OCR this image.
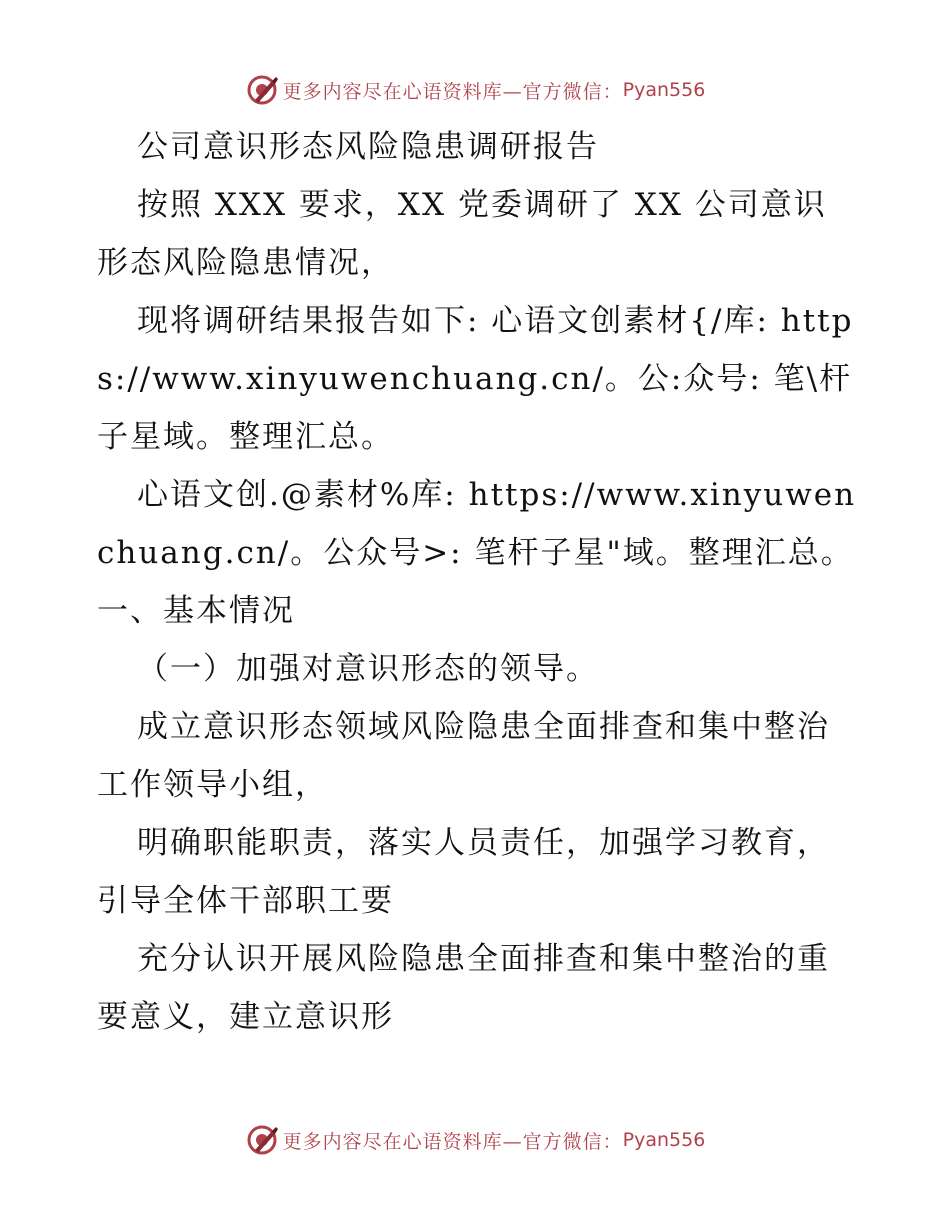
更多内容尽在心语资料库—官方微信： Pyan556

公司意识形态风险隐患调研报告

按照 XXX 要求，XX 党委调研了 XX 公司意识形态风险隐患情况，

现将调研结果报告如下: 心语文创素材{/库: https://www.xinyuwenchuang.cn/。公:众号: 笔\杆子星域。整理汇总。

心语文创.@素材%库: https://www.xinyuwenchuang.cn/。公众号>: 笔杆子星"域。整理汇总。一、基本情况

（一）加强对意识形态的领导。

成立意识形态领域风险隐患全面排查和集中整治工作领导小组，

明确职能职责，落实人员责任，加强学习教育，引导全体干部职工要

充分认识开展风险隐患全面排查和集中整治的重要意义，建立意识形

更多内容尽在心语资料库—官方微信： Pyan556
